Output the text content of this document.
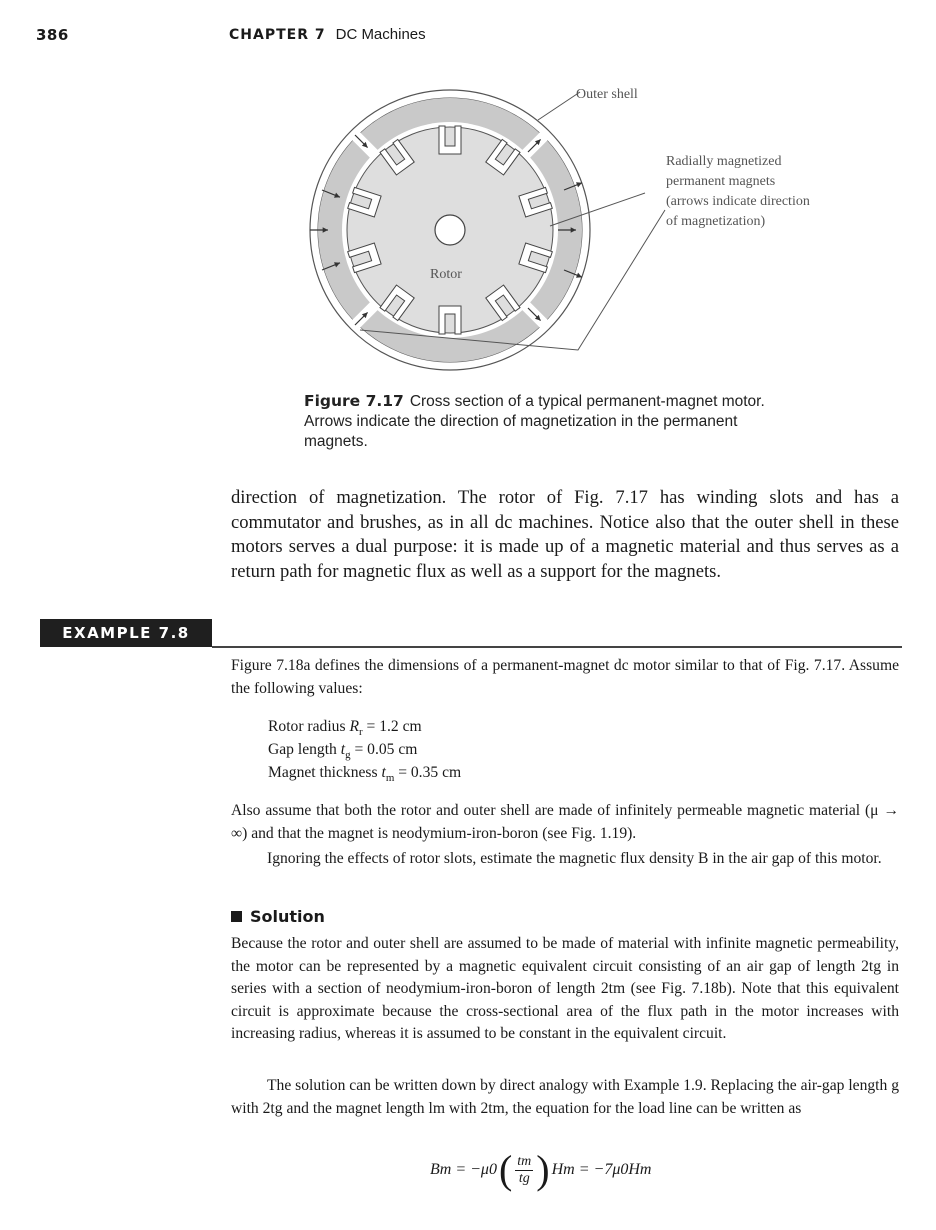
386	CHAPTER 7 DC Machines
Outer shell
Radially magnetized
permanent magnets
(arrows indicate direction
of magnetization)
Rotor
Figure 7.17 Cross section of a typical permanent-magnet motor. Arrows indicate the direction of magnetization in the permanent magnets.
direction of magnetization. The rotor of Fig. 7.17 has winding slots and has a commutator and brushes, as in all dc machines. Notice also that the outer shell in these motors serves a dual purpose: it is made up of a magnetic material and thus serves as a return path for magnetic flux as well as a support for the magnets.
EXAMPLE 7.8
Figure 7.18a defines the dimensions of a permanent-magnet dc motor similar to that of Fig. 7.17. Assume the following values:
Rotor radius $R_r = 1.2$ cm
Gap length $t_g = 0.05$ cm
Magnet thickness $t_m = 0.35$ cm
Also assume that both the rotor and outer shell are made of infinitely permeable magnetic material (μ → ∞) and that the magnet is neodymium-iron-boron (see Fig. 1.19).
Ignoring the effects of rotor slots, estimate the magnetic flux density B in the air gap of this motor.
Solution
Because the rotor and outer shell are assumed to be made of material with infinite magnetic permeability, the motor can be represented by a magnetic equivalent circuit consisting of an air gap of length 2tg in series with a section of neodymium-iron-boron of length 2tm (see Fig. 7.18b). Note that this equivalent circuit is approximate because the cross-sectional area of the flux path in the motor increases with increasing radius, whereas it is assumed to be constant in the equivalent circuit.
The solution can be written down by direct analogy with Example 1.9. Replacing the air-gap length g with 2tg and the magnet length lm with 2tm, the equation for the load line can be written as
Bm = −μ0 ( $\frac{tm}{tg}$ ) Hm = −7μ0Hm
